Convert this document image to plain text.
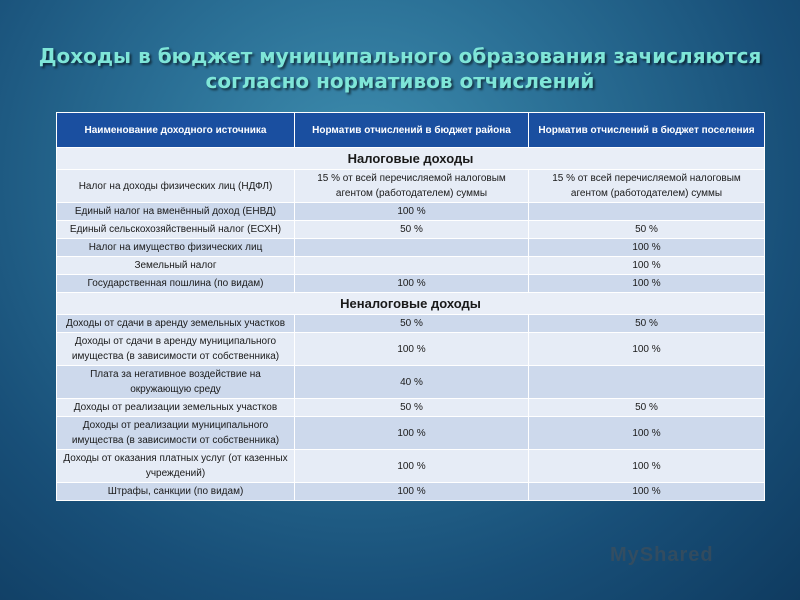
Доходы в бюджет муниципального образования зачисляются согласно нормативов отчислений
Наименование доходного источника	Норматив отчислений в бюджет района	Норматив отчислений в бюджет поселения
Налоговые доходы		
Налог на доходы физических лиц (НДФЛ)	15 % от всей перечисляемой налоговым агентом (работодателем) суммы	15 % от всей перечисляемой налоговым агентом (работодателем) суммы
Единый налог на вменённый доход (ЕНВД)	100 %	
Единый сельскохозяйственный налог (ЕСХН)	50 %	50 %
Налог на имущество физических лиц		100 %
Земельный налог		100 %
Государственная пошлина (по видам)	100 %	100 %
Неналоговые доходы		
Доходы от сдачи в аренду земельных участков	50 %	50 %
Доходы от сдачи в аренду муниципального имущества (в зависимости от собственника)	100 %	100 %
Плата за негативное воздействие на окружающую среду	40 %	
Доходы от реализации земельных участков	50 %	50 %
Доходы от реализации муниципального имущества (в зависимости от собственника)	100 %	100 %
Доходы от оказания платных услуг (от казенных учреждений)	100 %	100 %
Штрафы, санкции (по видам)	100 %	100 %
MyShared
